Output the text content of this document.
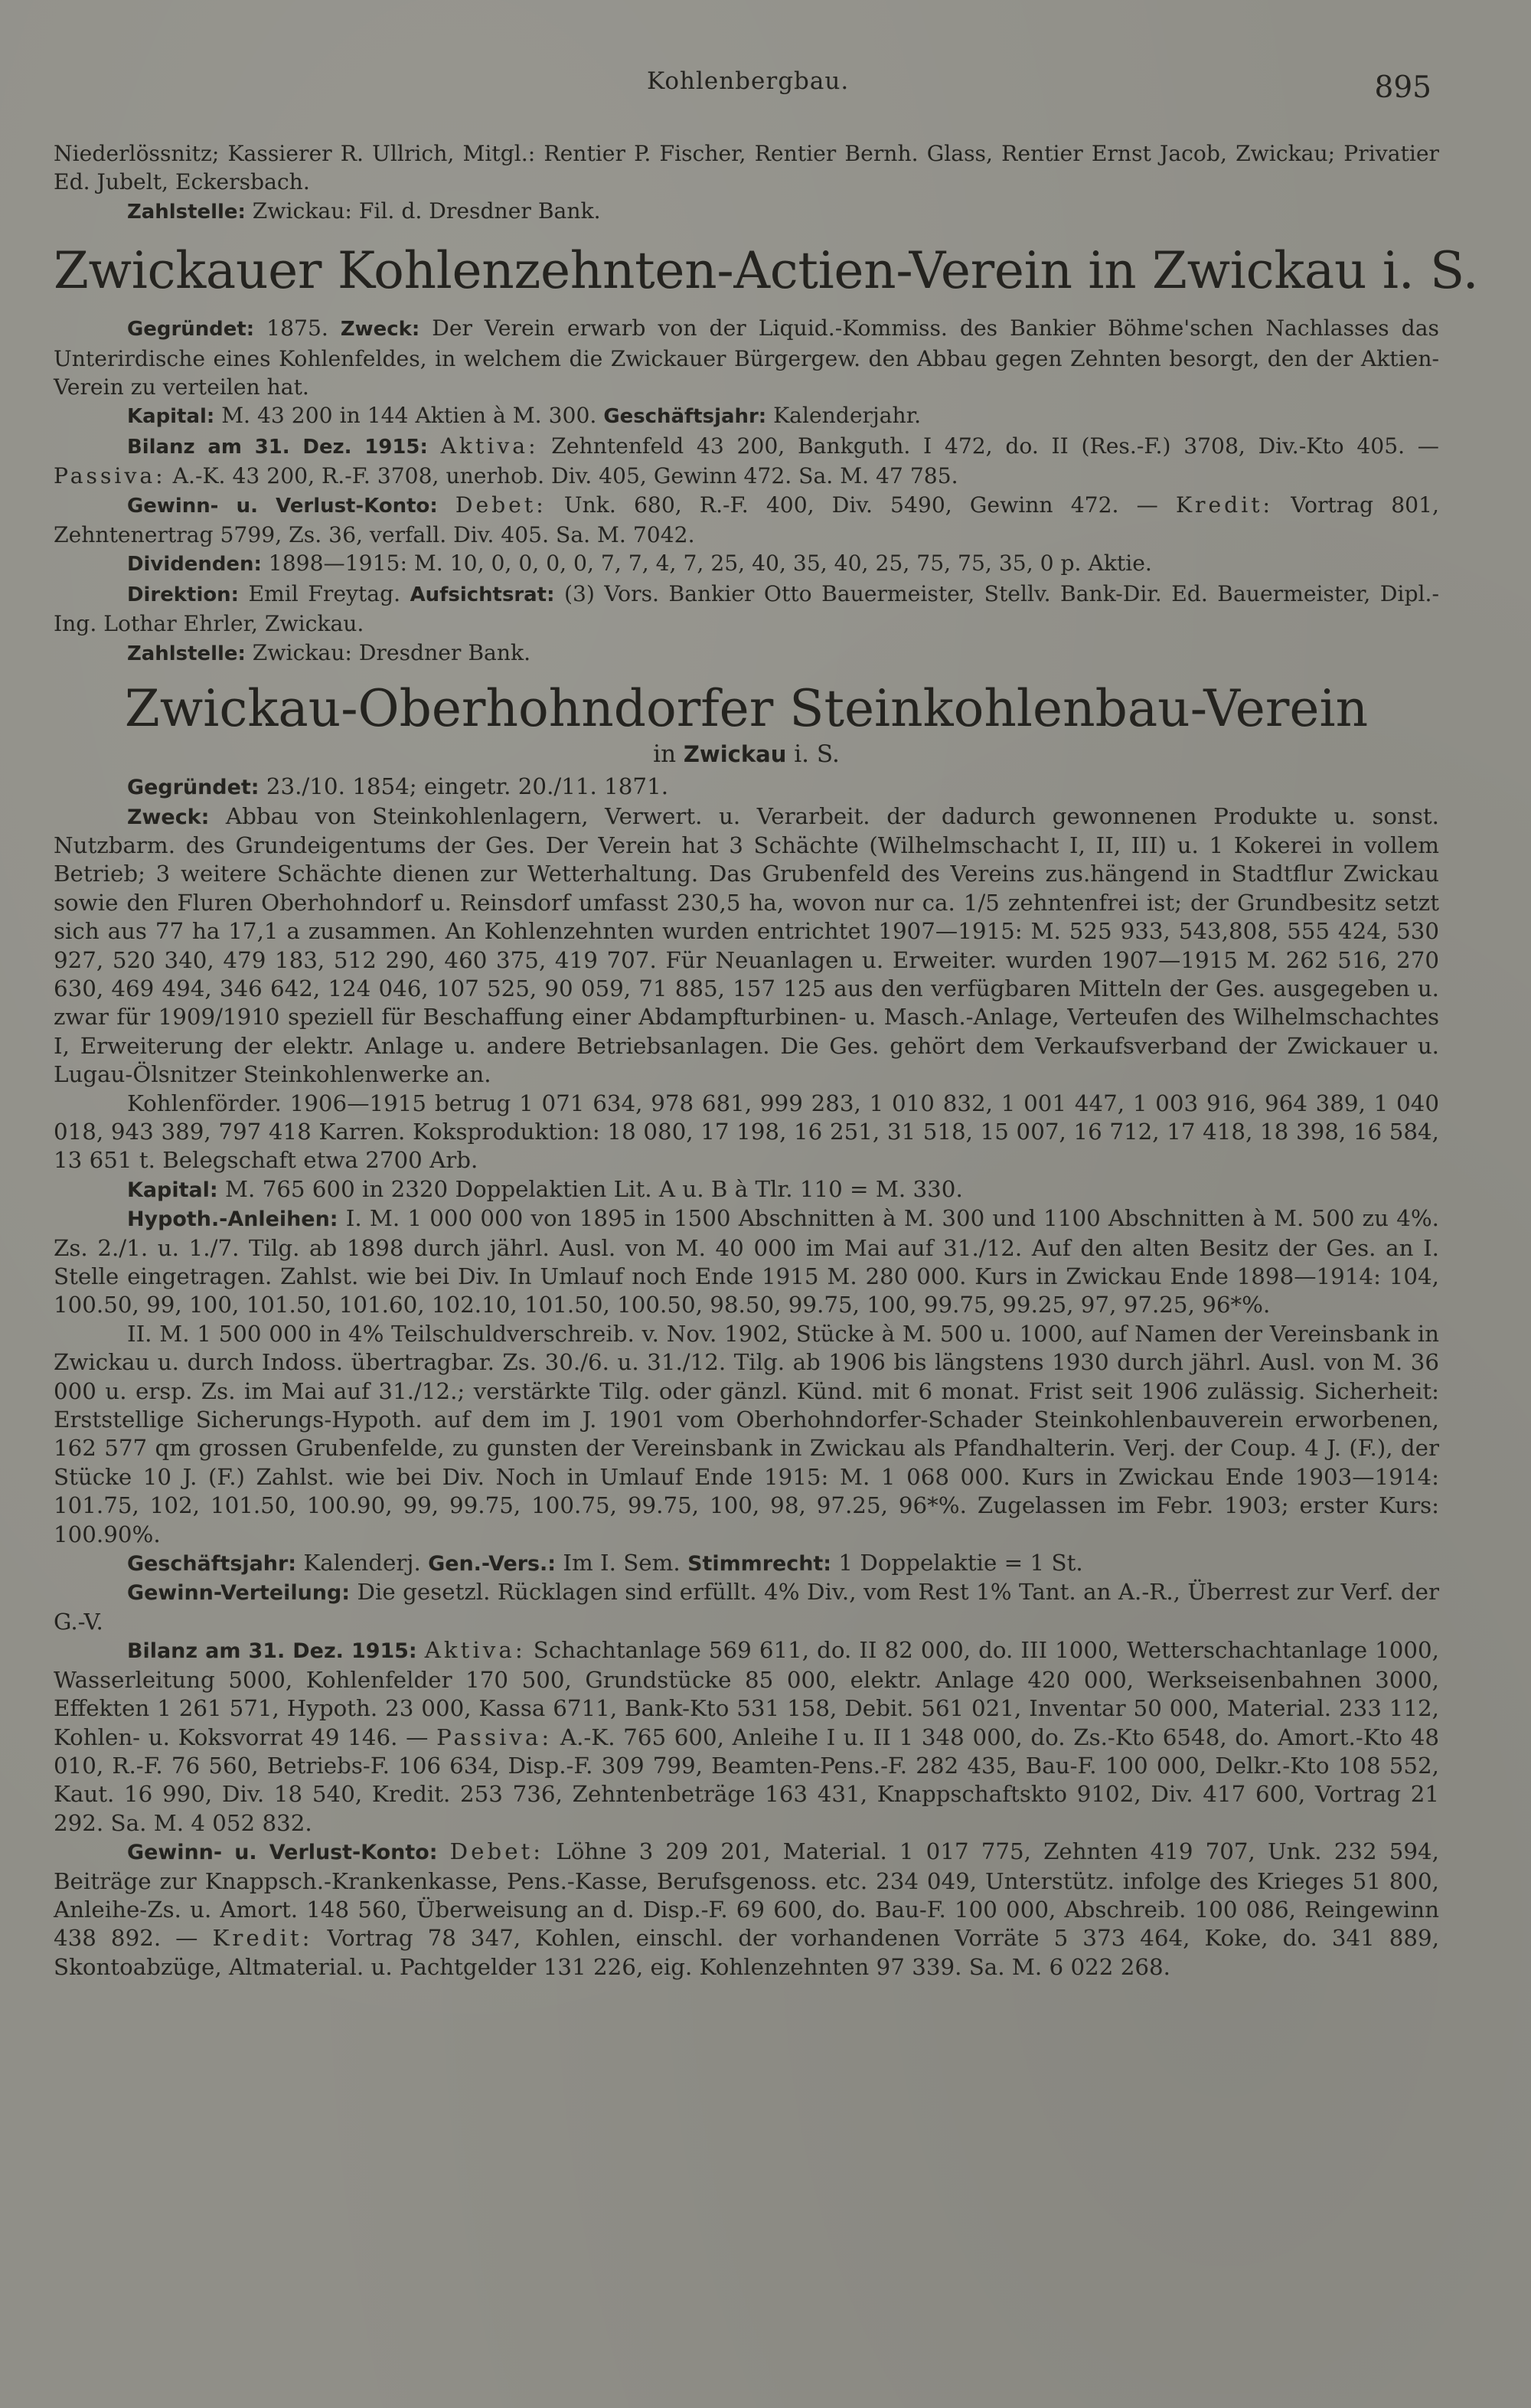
Kohlenbergbau.	895

Niederlössnitz; Kassierer R. Ullrich, Mitgl.: Rentier P. Fischer, Rentier Bernh. Glass, Rentier Ernst Jacob, Zwickau; Privatier Ed. Jubelt, Eckersbach.

Zahlstelle: Zwickau: Fil. d. Dresdner Bank.

Zwickauer Kohlenzehnten-Actien-Verein in Zwickau i. S.

Gegründet: 1875. Zweck: Der Verein erwarb von der Liquid.-Kommiss. des Bankier Böhme'schen Nachlasses das Unterirdische eines Kohlenfeldes, in welchem die Zwickauer Bürgergew. den Abbau gegen Zehnten besorgt, den der Aktien-Verein zu verteilen hat.

Kapital: M. 43 200 in 144 Aktien à M. 300. Geschäftsjahr: Kalenderjahr.

Bilanz am 31. Dez. 1915: Aktiva: Zehntenfeld 43 200, Bankguth. I 472, do. II (Res.-F.) 3708, Div.-Kto 405. — Passiva: A.-K. 43 200, R.-F. 3708, unerhob. Div. 405, Gewinn 472. Sa. M. 47 785.

Gewinn- u. Verlust-Konto: Debet: Unk. 680, R.-F. 400, Div. 5490, Gewinn 472. — Kredit: Vortrag 801, Zehntenertrag 5799, Zs. 36, verfall. Div. 405. Sa. M. 7042.

Dividenden: 1898—1915: M. 10, 0, 0, 0, 0, 7, 7, 4, 7, 25, 40, 35, 40, 25, 75, 75, 35, 0 p. Aktie.

Direktion: Emil Freytag. Aufsichtsrat: (3) Vors. Bankier Otto Bauermeister, Stellv. Bank-Dir. Ed. Bauermeister, Dipl.-Ing. Lothar Ehrler, Zwickau.

Zahlstelle: Zwickau: Dresdner Bank.

Zwickau-Oberhohndorfer Steinkohlenbau-Verein
in Zwickau i. S.

Gegründet: 23./10. 1854; eingetr. 20./11. 1871.

Zweck: Abbau von Steinkohlenlagern, Verwert. u. Verarbeit. der dadurch gewonnenen Produkte u. sonst. Nutzbarm. des Grundeigentums der Ges. Der Verein hat 3 Schächte (Wilhelmschacht I, II, III) u. 1 Kokerei in vollem Betrieb; 3 weitere Schächte dienen zur Wetterhaltung. Das Grubenfeld des Vereins zus.hängend in Stadtflur Zwickau sowie den Fluren Oberhohndorf u. Reinsdorf umfasst 230,5 ha, wovon nur ca. 1/5 zehntenfrei ist; der Grundbesitz setzt sich aus 77 ha 17,1 a zusammen. An Kohlenzehnten wurden entrichtet 1907—1915: M. 525 933, 543,808, 555 424, 530 927, 520 340, 479 183, 512 290, 460 375, 419 707. Für Neuanlagen u. Erweiter. wurden 1907—1915 M. 262 516, 270 630, 469 494, 346 642, 124 046, 107 525, 90 059, 71 885, 157 125 aus den verfügbaren Mitteln der Ges. ausgegeben u. zwar für 1909/1910 speziell für Beschaffung einer Abdampfturbinen- u. Masch.-Anlage, Verteufen des Wilhelmschachtes I, Erweiterung der elektr. Anlage u. andere Betriebsanlagen. Die Ges. gehört dem Verkaufsverband der Zwickauer u. Lugau-Ölsnitzer Steinkohlenwerke an.

Kohlenförder. 1906—1915 betrug 1 071 634, 978 681, 999 283, 1 010 832, 1 001 447, 1 003 916, 964 389, 1 040 018, 943 389, 797 418 Karren. Koksproduktion: 18 080, 17 198, 16 251, 31 518, 15 007, 16 712, 17 418, 18 398, 16 584, 13 651 t. Belegschaft etwa 2700 Arb.

Kapital: M. 765 600 in 2320 Doppelaktien Lit. A u. B à Tlr. 110 = M. 330.

Hypoth.-Anleihen: I. M. 1 000 000 von 1895 in 1500 Abschnitten à M. 300 und 1100 Abschnitten à M. 500 zu 4%. Zs. 2./1. u. 1./7. Tilg. ab 1898 durch jährl. Ausl. von M. 40 000 im Mai auf 31./12. Auf den alten Besitz der Ges. an I. Stelle eingetragen. Zahlst. wie bei Div. In Umlauf noch Ende 1915 M. 280 000. Kurs in Zwickau Ende 1898—1914: 104, 100.50, 99, 100, 101.50, 101.60, 102.10, 101.50, 100.50, 98.50, 99.75, 100, 99.75, 99.25, 97, 97.25, 96*%.

II. M. 1 500 000 in 4% Teilschuldverschreib. v. Nov. 1902, Stücke à M. 500 u. 1000, auf Namen der Vereinsbank in Zwickau u. durch Indoss. übertragbar. Zs. 30./6. u. 31./12. Tilg. ab 1906 bis längstens 1930 durch jährl. Ausl. von M. 36 000 u. ersp. Zs. im Mai auf 31./12.; verstärkte Tilg. oder gänzl. Künd. mit 6 monat. Frist seit 1906 zulässig. Sicherheit: Erststellige Sicherungs-Hypoth. auf dem im J. 1901 vom Oberhohndorfer-Schader Steinkohlenbauverein erworbenen, 162 577 qm grossen Grubenfelde, zu gunsten der Vereinsbank in Zwickau als Pfandhalterin. Verj. der Coup. 4 J. (F.), der Stücke 10 J. (F.) Zahlst. wie bei Div. Noch in Umlauf Ende 1915: M. 1 068 000. Kurs in Zwickau Ende 1903—1914: 101.75, 102, 101.50, 100.90, 99, 99.75, 100.75, 99.75, 100, 98, 97.25, 96*%. Zugelassen im Febr. 1903; erster Kurs: 100.90%.

Geschäftsjahr: Kalenderj. Gen.-Vers.: Im I. Sem. Stimmrecht: 1 Doppelaktie = 1 St.

Gewinn-Verteilung: Die gesetzl. Rücklagen sind erfüllt. 4% Div., vom Rest 1% Tant. an A.-R., Überrest zur Verf. der G.-V.

Bilanz am 31. Dez. 1915: Aktiva: Schachtanlage 569 611, do. II 82 000, do. III 1000, Wetterschachtanlage 1000, Wasserleitung 5000, Kohlenfelder 170 500, Grundstücke 85 000, elektr. Anlage 420 000, Werkseisenbahnen 3000, Effekten 1 261 571, Hypoth. 23 000, Kassa 6711, Bank-Kto 531 158, Debit. 561 021, Inventar 50 000, Material. 233 112, Kohlen- u. Koksvorrat 49 146. — Passiva: A.-K. 765 600, Anleihe I u. II 1 348 000, do. Zs.-Kto 6548, do. Amort.-Kto 48 010, R.-F. 76 560, Betriebs-F. 106 634, Disp.-F. 309 799, Beamten-Pens.-F. 282 435, Bau-F. 100 000, Delkr.-Kto 108 552, Kaut. 16 990, Div. 18 540, Kredit. 253 736, Zehntenbeträge 163 431, Knappschaftskto 9102, Div. 417 600, Vortrag 21 292. Sa. M. 4 052 832.

Gewinn- u. Verlust-Konto: Debet: Löhne 3 209 201, Material. 1 017 775, Zehnten 419 707, Unk. 232 594, Beiträge zur Knappsch.-Krankenkasse, Pens.-Kasse, Berufsgenoss. etc. 234 049, Unterstütz. infolge des Krieges 51 800, Anleihe-Zs. u. Amort. 148 560, Überweisung an d. Disp.-F. 69 600, do. Bau-F. 100 000, Abschreib. 100 086, Reingewinn 438 892. — Kredit: Vortrag 78 347, Kohlen, einschl. der vorhandenen Vorräte 5 373 464, Koke, do. 341 889, Skontoabzüge, Altmaterial. u. Pachtgelder 131 226, eig. Kohlenzehnten 97 339. Sa. M. 6 022 268.
